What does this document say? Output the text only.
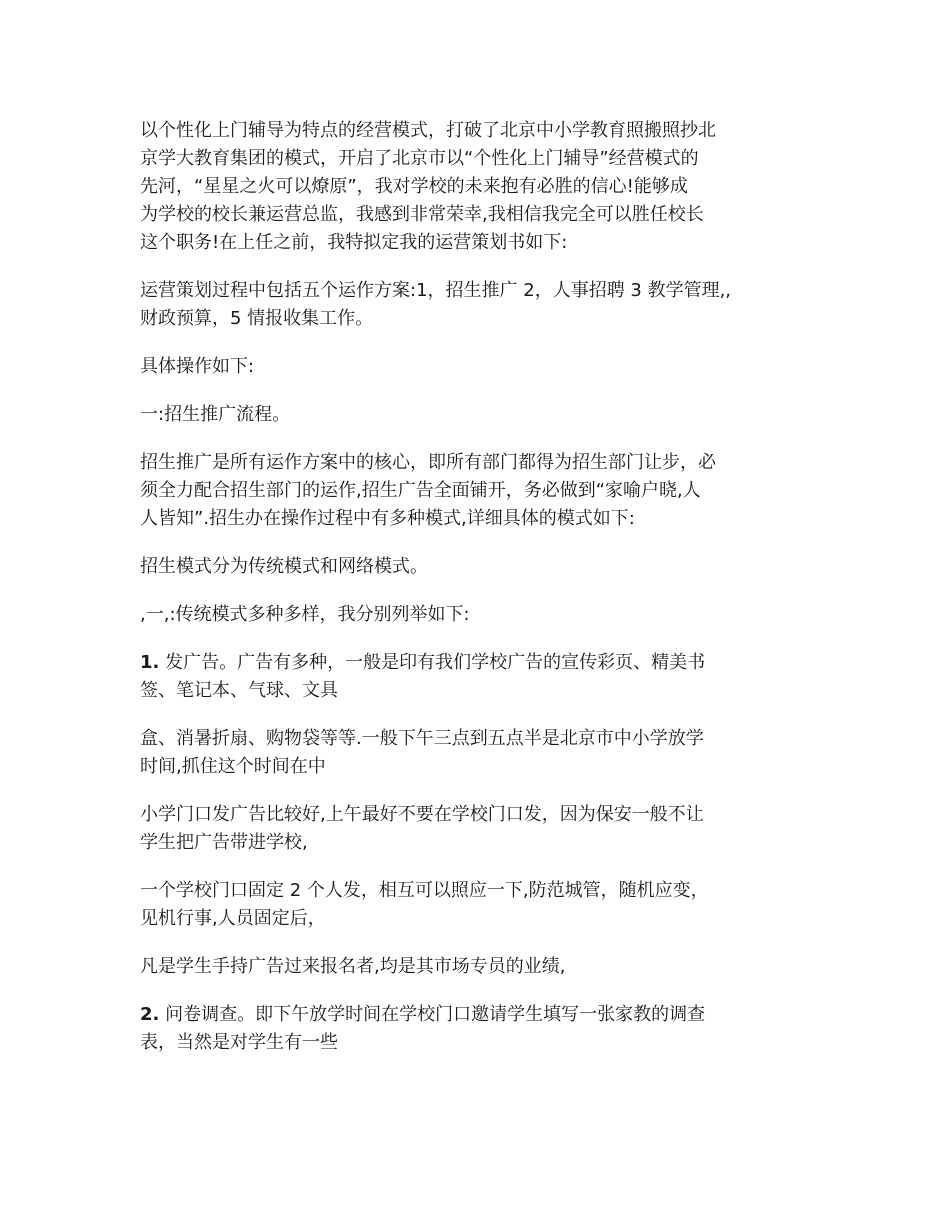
以个性化上门辅导为特点的经营模式，打破了北京中小学教育照搬照抄北
京学大教育集团的模式，开启了北京市以“个性化上门辅导”经营模式的
先河，“星星之火可以燎原”，我对学校的未来抱有必胜的信心!能够成
为学校的校长兼运营总监，我感到非常荣幸,我相信我完全可以胜任校长
这个职务!在上任之前，我特拟定我的运营策划书如下:

运营策划过程中包括五个运作方案:1，招生推广 2，人事招聘 3 教学管理,,
财政预算，5 情报收集工作。

具体操作如下:

一:招生推广流程。

招生推广是所有运作方案中的核心，即所有部门都得为招生部门让步，必
须全力配合招生部门的运作,招生广告全面铺开，务必做到“家喻户晓,人
人皆知”.招生办在操作过程中有多种模式,详细具体的模式如下:

招生模式分为传统模式和网络模式。

,一,:传统模式多种多样，我分别列举如下:

1. 发广告。广告有多种，一般是印有我们学校广告的宣传彩页、精美书
签、笔记本、气球、文具

盒、消暑折扇、购物袋等等.一般下午三点到五点半是北京市中小学放学
时间,抓住这个时间在中

小学门口发广告比较好,上午最好不要在学校门口发，因为保安一般不让
学生把广告带进学校,

一个学校门口固定 2 个人发，相互可以照应一下,防范城管，随机应变，
见机行事,人员固定后，

凡是学生手持广告过来报名者,均是其市场专员的业绩,

2. 问卷调查。即下午放学时间在学校门口邀请学生填写一张家教的调查
表，当然是对学生有一些
